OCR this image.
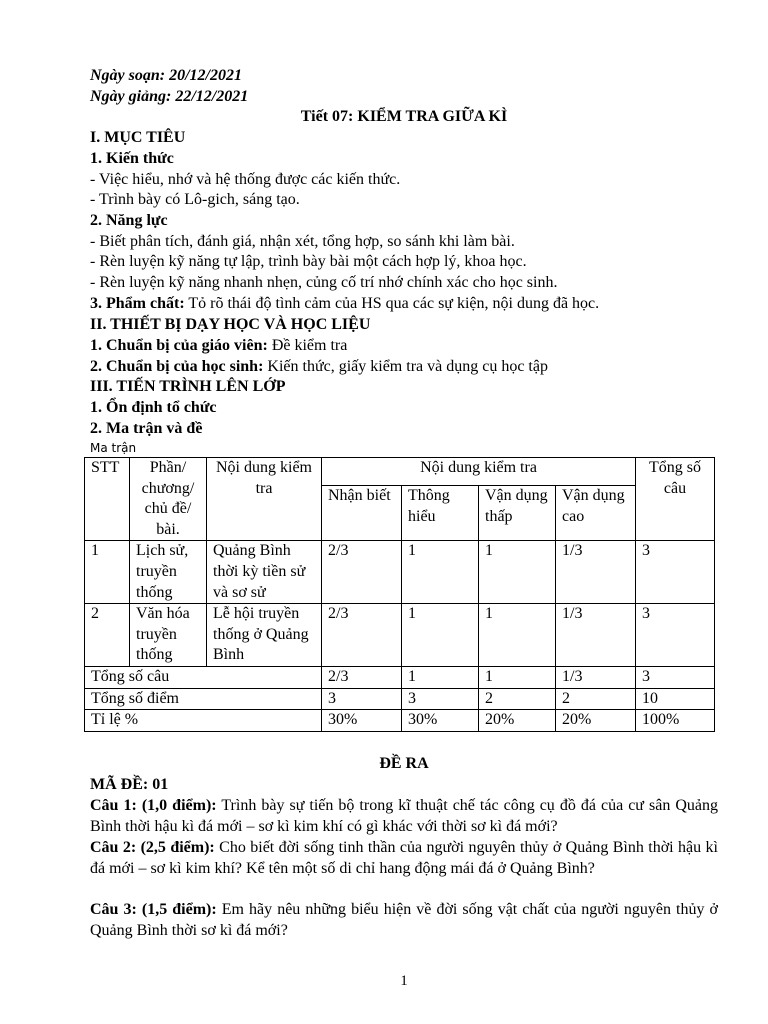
Ngày soạn: 20/12/2021
Ngày giảng: 22/12/2021
Tiết 07: KIỂM TRA GIỮA KÌ
I. MỤC TIÊU
1. Kiến thức
- Việc hiểu, nhớ và hệ thống được các kiến thức.
- Trình bày có Lô-gich, sáng tạo.
2. Năng lực
- Biết phân tích, đánh giá, nhận xét, tổng hợp, so sánh khi làm bài.
- Rèn luyện kỹ năng tự lập, trình bày bài một cách hợp lý, khoa học.
- Rèn luyện kỹ năng nhanh nhẹn, củng cố trí nhớ chính xác cho học sinh.
3. Phẩm chất: Tỏ rõ thái độ tình cảm của HS qua các sự kiện, nội dung đã học.
II. THIẾT BỊ DẠY HỌC VÀ HỌC LIỆU
1. Chuẩn bị của giáo viên: Đề kiểm tra
2. Chuẩn bị của học sinh: Kiến thức, giấy kiểm tra và dụng cụ học tập
III. TIẾN TRÌNH LÊN LỚP
1. Ổn định tổ chức
2. Ma trận và đề
Ma trận
STT	Phần/ chương/ chủ đề/ bài.	Nội dung kiểm tra	Nội dung kiểm tra				Tổng số câu
			Nhận biết	Thông hiểu	Vận dụng thấp	Vận dụng cao	
1	Lịch sử, truyền thống	Quảng Bình thời kỳ tiền sử và sơ sử	2/3	1	1	1/3	3
2	Văn hóa truyền thống	Lễ hội truyền thống ở Quảng Bình	2/3	1	1	1/3	3
Tổng số câu			2/3	1	1	1/3	3
Tổng số điểm			3	3	2	2	10
Tỉ lệ %			30%	30%	20%	20%	100%
ĐỀ RA
MÃ ĐỀ: 01
Câu 1: (1,0 điểm): Trình bày sự tiến bộ trong kĩ thuật chế tác công cụ đồ đá của cư sân Quảng Bình thời hậu kì đá mới – sơ kì kim khí có gì khác với thời sơ kì đá mới?
Câu 2: (2,5 điểm): Cho biết đời sống tinh thần của người nguyên thủy ở Quảng Bình thời hậu kì đá mới – sơ kì kim khí? Kể tên một số di chỉ hang động mái đá ở Quảng Bình?
Câu 3: (1,5 điểm): Em hãy nêu những biểu hiện về đời sống vật chất của người nguyên thủy ở Quảng Bình thời sơ kì đá mới?
1
